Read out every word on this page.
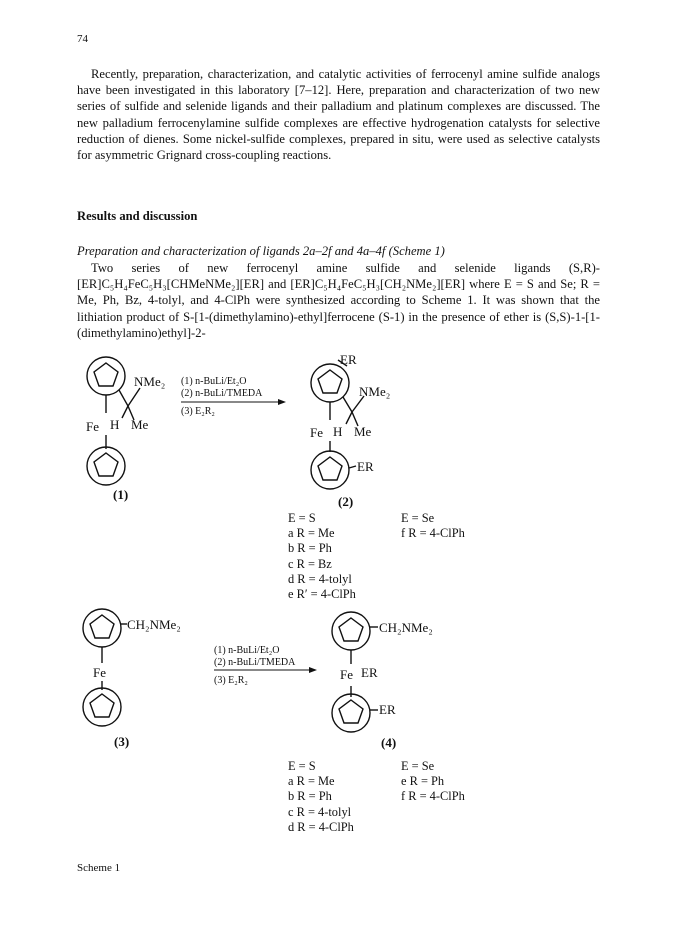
74
Recently, preparation, characterization, and catalytic activities of ferrocenyl amine sulfide analogs have been investigated in this laboratory [7–12]. Here, preparation and characterization of two new series of sulfide and selenide ligands and their palladium and platinum complexes are discussed. The new palladium ferrocenylamine sulfide complexes are effective hydrogenation catalysts for selective reduction of dienes. Some nickel-sulfide complexes, prepared in situ, were used as selective catalysts for asymmetric Grignard cross-coupling reactions.
Results and discussion
Preparation and characterization of ligands 2a–2f and 4a–4f (Scheme 1)
Two series of new ferrocenyl amine sulfide and selenide ligands (S,R)-[ER]C₅H₄FeC₅H₃[CHMeNMe₂][ER] and [ER]C₅H₄FeC₅H₃[CH₂NMe₂][ER] where E = S and Se; R = Me, Ph, Bz, 4-tolyl, and 4-ClPh were synthesized according to Scheme 1. It was shown that the lithiation product of S-[1-(dimethylamino)-ethyl]ferrocene (S-1) in the presence of ether is (S,S)-1-[1-(dimethylamino)ethyl]-2-
NMe₂
Fe H Me
(1)
(1) n-BuLi/Et₂O
(2) n-BuLi/TMEDA
(3) E₂R₂
ER
NMe₂
Fe H Me
ER
(2)
CH₂NMe₂
Fe
(3)
(1) n-BuLi/Et₂O
(2) n-BuLi/TMEDA
(3) E₂R₂
CH₂NMe₂
Fe ER
ER
(4)
E = S
a R = Me
b R = Ph
c R = Bz
d R = 4-tolyl
e R′ = 4-ClPh
E = Se
f R = 4-ClPh
E = S
a R = Me
b R = Ph
c R = 4-tolyl
d R = 4-ClPh
E = Se
e R = Ph
f R = 4-ClPh
Scheme 1
